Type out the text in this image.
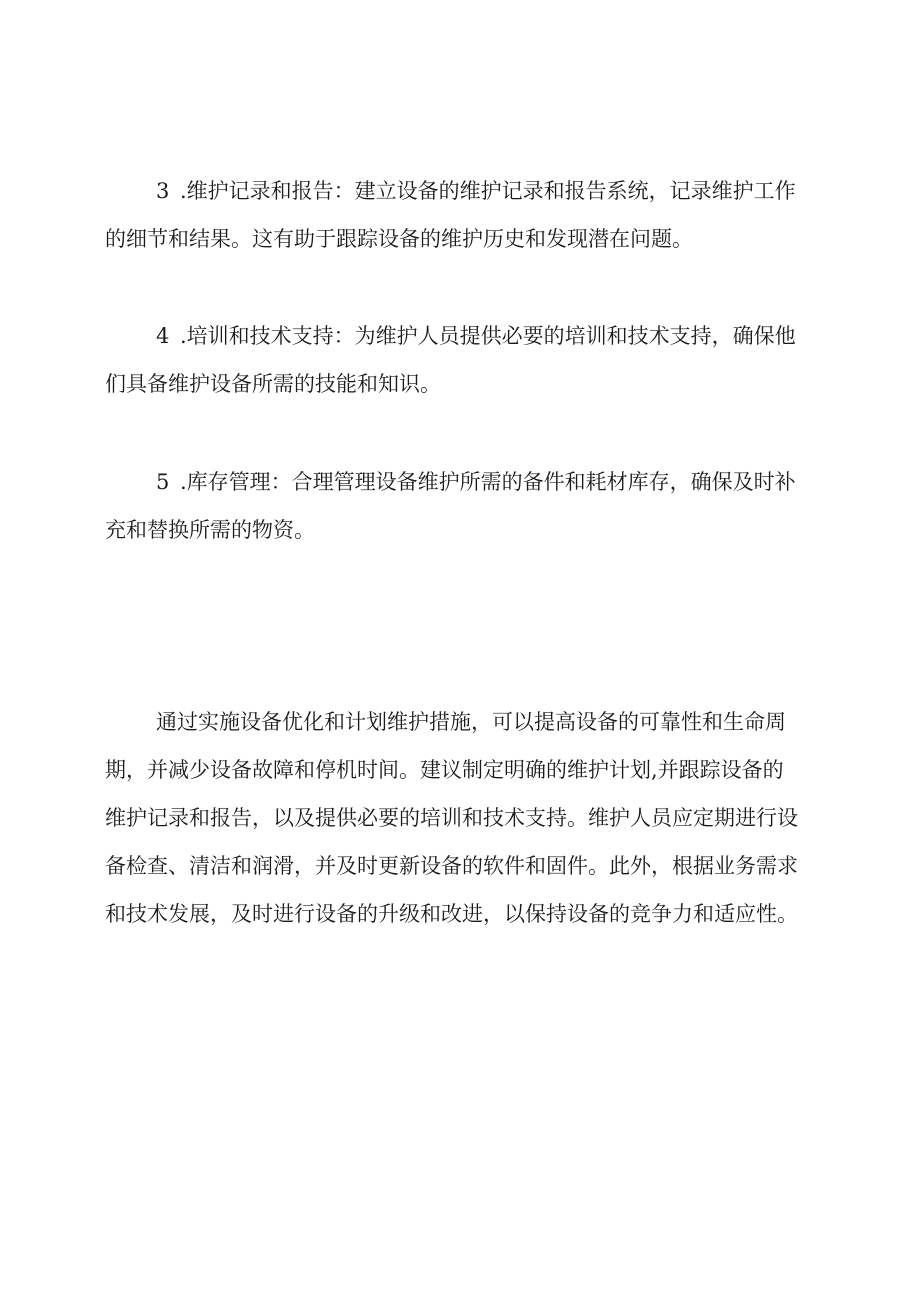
3 .维护记录和报告：建立设备的维护记录和报告系统，记录维护工作
的细节和结果。这有助于跟踪设备的维护历史和发现潜在问题。

4 .培训和技术支持：为维护人员提供必要的培训和技术支持，确保他
们具备维护设备所需的技能和知识。

5 .库存管理：合理管理设备维护所需的备件和耗材库存，确保及时补
充和替换所需的物资。

通过实施设备优化和计划维护措施，可以提高设备的可靠性和生命周
期，并减少设备故障和停机时间。建议制定明确的维护计划,并跟踪设备的
维护记录和报告，以及提供必要的培训和技术支持。维护人员应定期进行设
备检查、清洁和润滑，并及时更新设备的软件和固件。此外，根据业务需求
和技术发展，及时进行设备的升级和改进，以保持设备的竞争力和适应性。
